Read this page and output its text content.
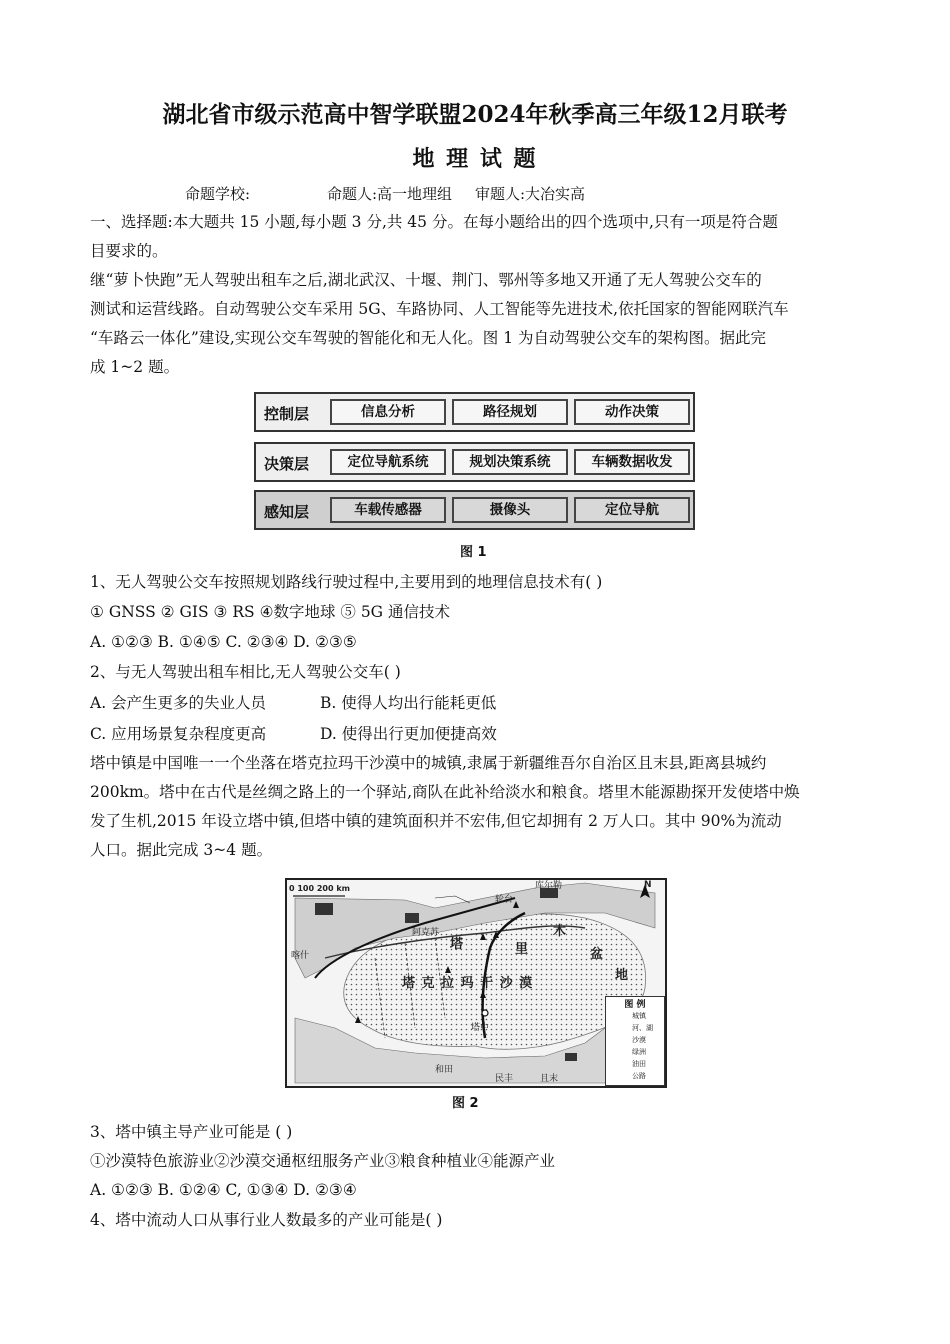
湖北省市级示范高中智学联盟2024年秋季高三年级12月联考
地 理 试 题
命题学校:	命题人:高一地理组 审题人:大冶实高
一、选择题:本大题共 15 小题,每小题 3 分,共 45 分。在每小题给出的四个选项中,只有一项是符合题
目要求的。
继“萝卜快跑”无人驾驶出租车之后,湖北武汉、十堰、荆门、鄂州等多地又开通了无人驾驶公交车的
测试和运营线路。自动驾驶公交车采用 5G、车路协同、人工智能等先进技术,依托国家的智能网联汽车
“车路云一体化”建设,实现公交车驾驶的智能化和无人化。图 1 为自动驾驶公交车的架构图。据此完
成 1~2 题。
控制层	信息分析	路径规划	动作决策
决策层	定位导航系统	规划决策系统	车辆数据收发
感知层	车载传感器	摄像头	定位导航
图 1
1、无人驾驶公交车按照规划路线行驶过程中,主要用到的地理信息技术有( )
① GNSS ② GIS ③ RS ④数字地球 ⑤ 5G 通信技术
A. ①②③ B. ①④⑤ C. ②③④ D. ②③⑤
2、与无人驾驶出租车相比,无人驾驶公交车( )
A. 会产生更多的失业人员	B. 使得人均出行能耗更低
C. 应用场景复杂程度更高	D. 使得出行更加便捷高效
塔中镇是中国唯一一个坐落在塔克拉玛干沙漠中的城镇,隶属于新疆维吾尔自治区且末县,距离县城约
200km。塔中在古代是丝绸之路上的一个驿站,商队在此补给淡水和粮食。塔里木能源勘探开发使塔中焕
发了生机,2015 年设立塔中镇,但塔中镇的建筑面积并不宏伟,但它却拥有 2 万人口。其中 90%为流动
人口。据此完成 3~4 题。
0 100 200 km	N
塔 克 拉 玛 干 沙 漠
塔	里
木
盆
地
库尔勒
轮台
阿克苏
喀什
塔中
和田
民丰	且末
图 例
城镇
河、湖
沙漠
绿洲
油田
公路
图 2
3、塔中镇主导产业可能是 ( )
①沙漠特色旅游业②沙漠交通枢纽服务产业③粮食种植业④能源产业
A. ①②③ B. ①②④ C, ①③④ D. ②③④
4、塔中流动人口从事行业人数最多的产业可能是( )
